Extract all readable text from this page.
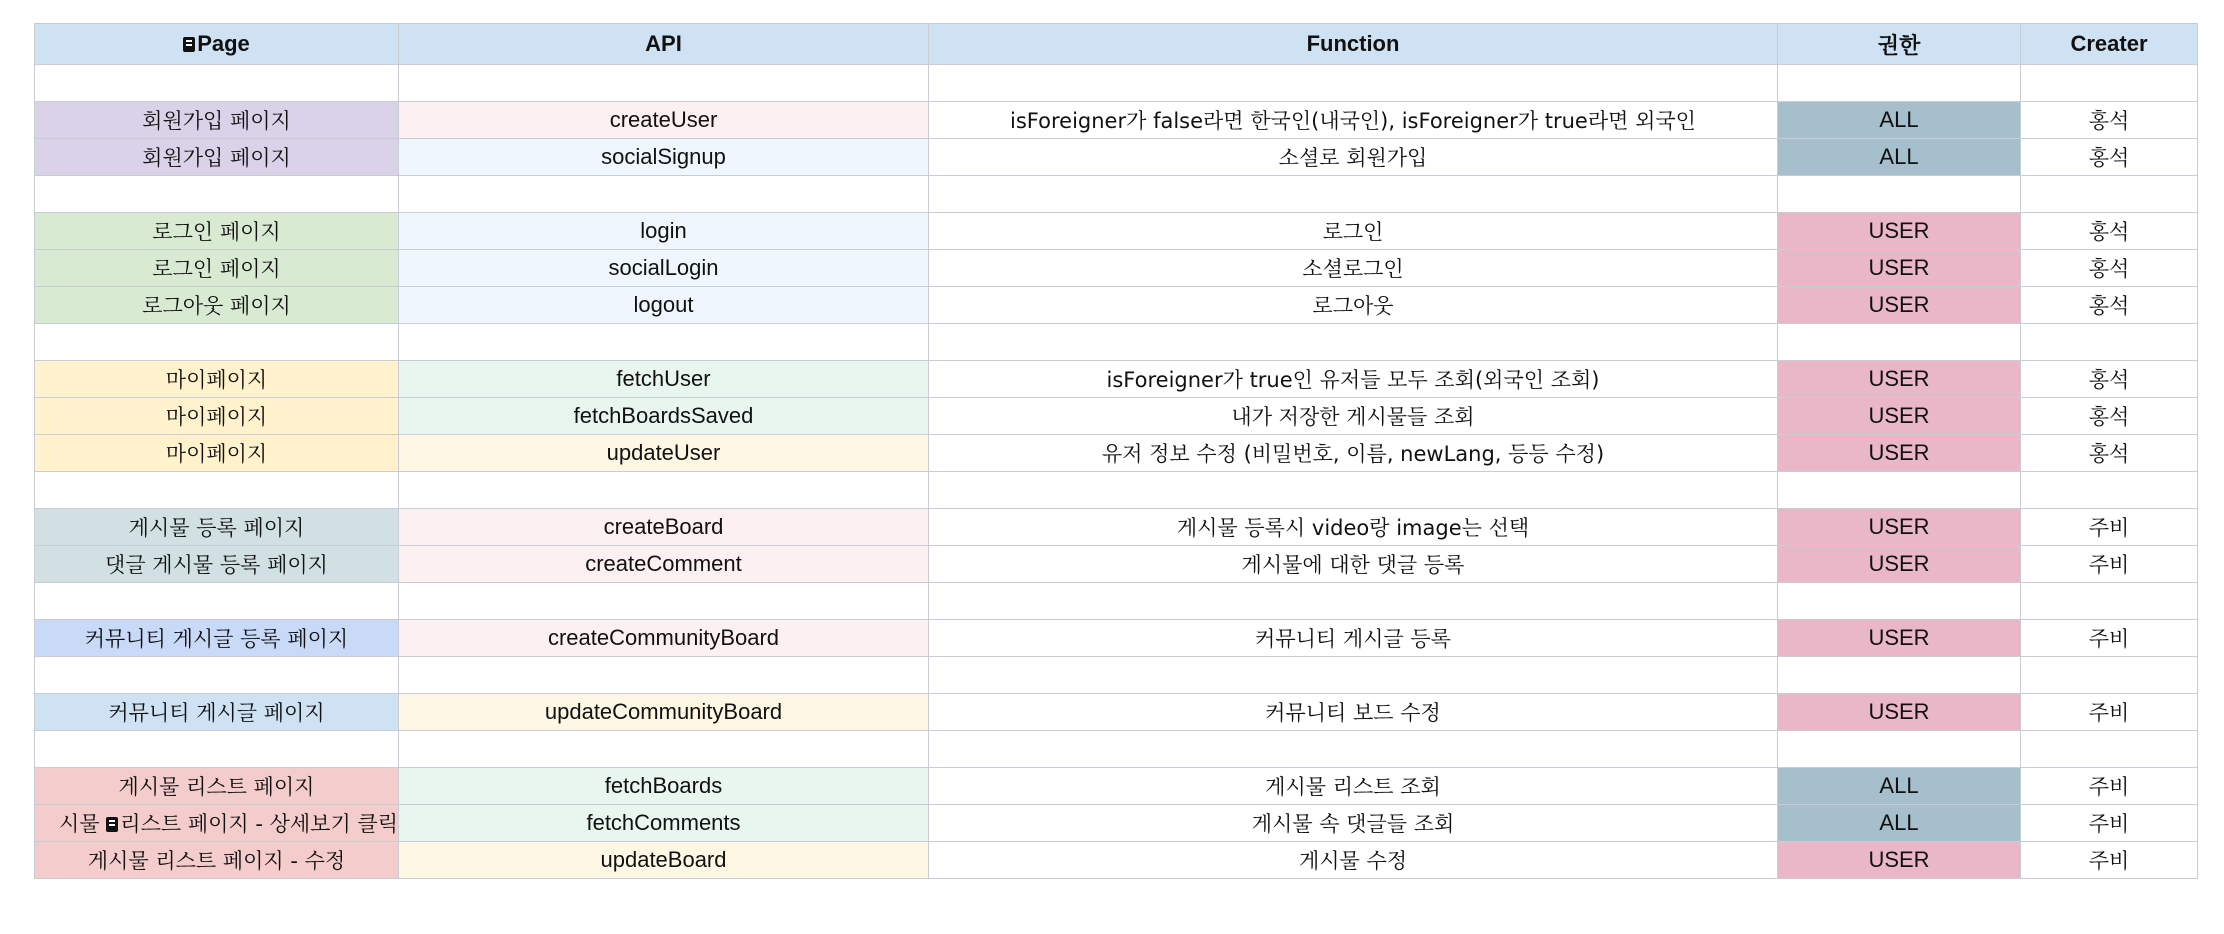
Page	API	Function	권한	Creater

회원가입 페이지	createUser	isForeigner가 false라면 한국인(내국인), isForeigner가 true라면 외국인	ALL	홍석
회원가입 페이지	socialSignup	소셜로 회원가입	ALL	홍석

로그인 페이지	login	로그인	USER	홍석
로그인 페이지	socialLogin	소셜로그인	USER	홍석
로그아웃 페이지	logout	로그아웃	USER	홍석

마이페이지	fetchUser	isForeigner가 true인 유저들 모두 조회(외국인 조회)	USER	홍석
마이페이지	fetchBoardsSaved	내가 저장한 게시물들 조회	USER	홍석
마이페이지	updateUser	유저 정보 수정 (비밀번호, 이름, newLang, 등등 수정)	USER	홍석

게시물 등록 페이지	createBoard	게시물 등록시 video랑 image는 선택	USER	주비
댓글 게시물 등록 페이지	createComment	게시물에 대한 댓글 등록	USER	주비

커뮤니티 게시글 등록 페이지	createCommunityBoard	커뮤니티 게시글 등록	USER	주비

커뮤니티 게시글 페이지	updateCommunityBoard	커뮤니티 보드 수정	USER	주비

게시물 리스트 페이지	fetchBoards	게시물 리스트 조회	ALL	주비
시물 리스트 페이지 - 상세보기 클릭	fetchComments	게시물 속 댓글들 조회	ALL	주비
게시물 리스트 페이지 - 수정	updateBoard	게시물 수정	USER	주비
